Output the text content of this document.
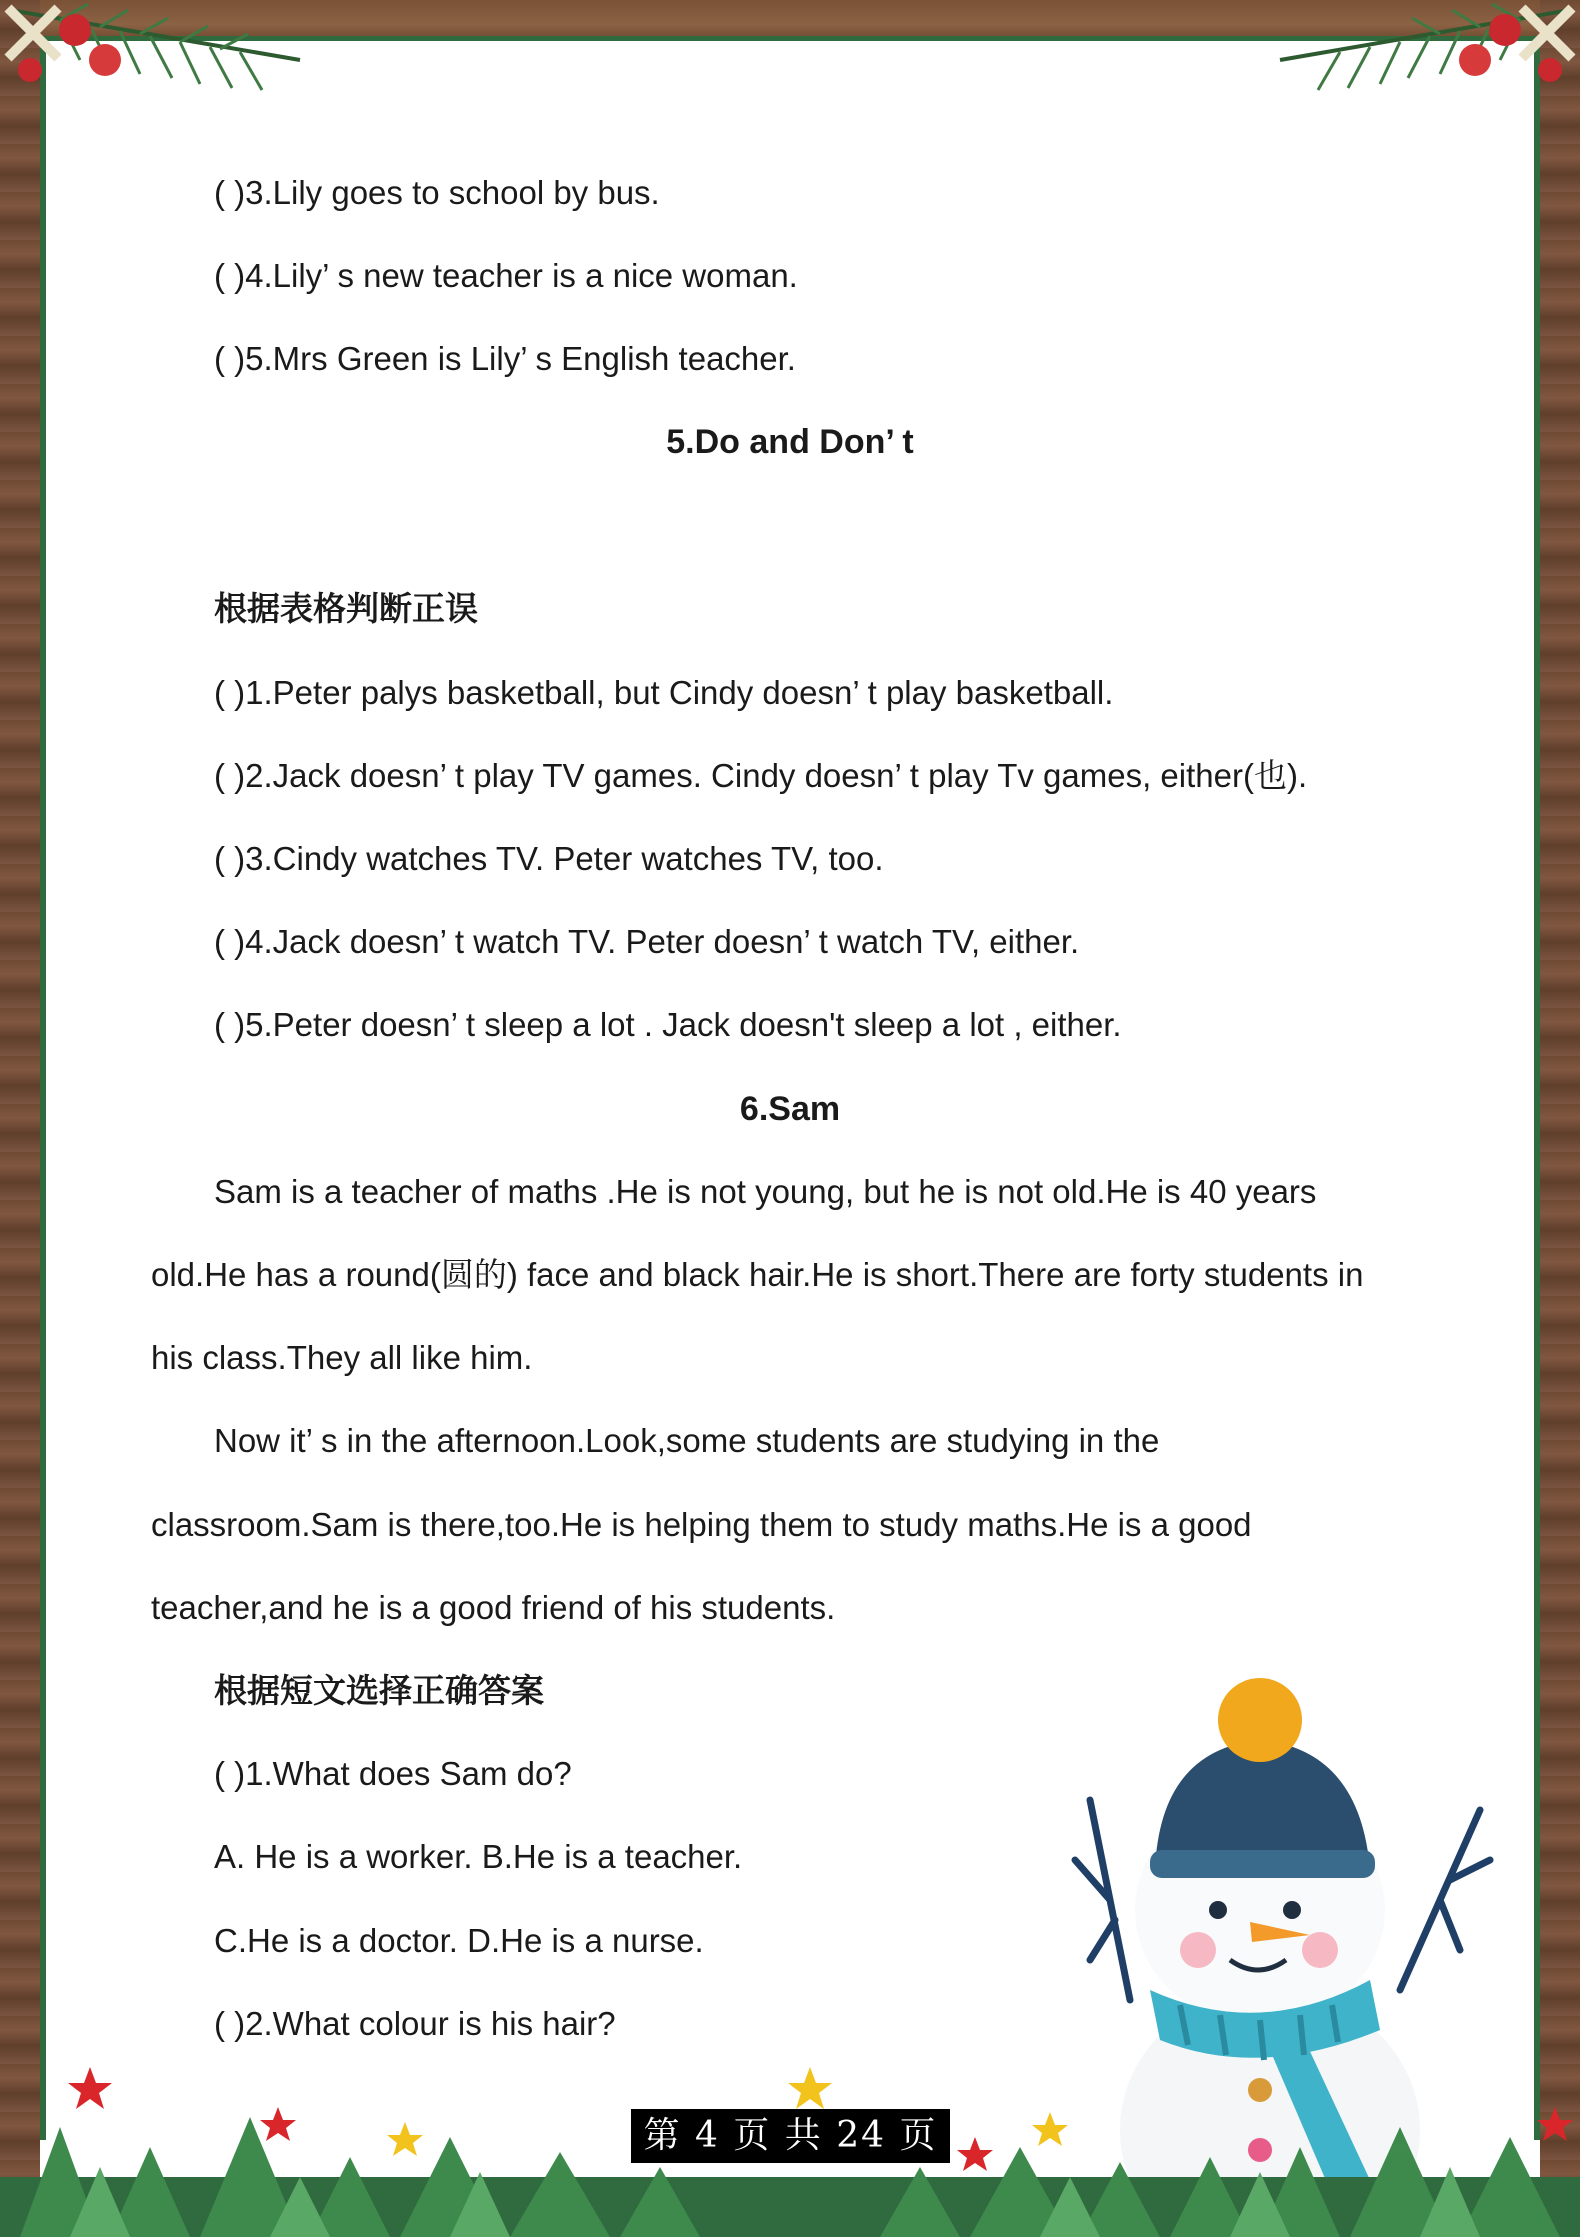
( )3.Lily goes to school by bus.
( )4.Lily’ s new teacher is a nice woman.
( )5.Mrs Green is Lily’ s English teacher.
5.Do and Don’ t
根据表格判断正误
( )1.Peter palys basketball, but Cindy doesn’ t play basketball.
( )2.Jack doesn’ t play TV games. Cindy doesn’ t play Tv games, either(也).
( )3.Cindy watches TV. Peter watches TV, too.
( )4.Jack doesn’ t watch TV. Peter doesn’ t watch TV, either.
( )5.Peter doesn’ t sleep a lot . Jack doesn't sleep a lot , either.
6.Sam
Sam is a teacher of maths .He is not young, but he is not old.He is 40 years
old.He has a round(圆的) face and black hair.He is short.There are forty students in
his class.They all like him.
Now it’ s in the afternoon.Look,some students are studying in the
classroom.Sam is there,too.He is helping them to study maths.He is a good
teacher,and he is a good friend of his students.
根据短文选择正确答案
( )1.What does Sam do?
A. He is a worker. B.He is a teacher.
C.He is a doctor. D.He is a nurse.
( )2.What colour is his hair?
第 4 页 共 24 页
